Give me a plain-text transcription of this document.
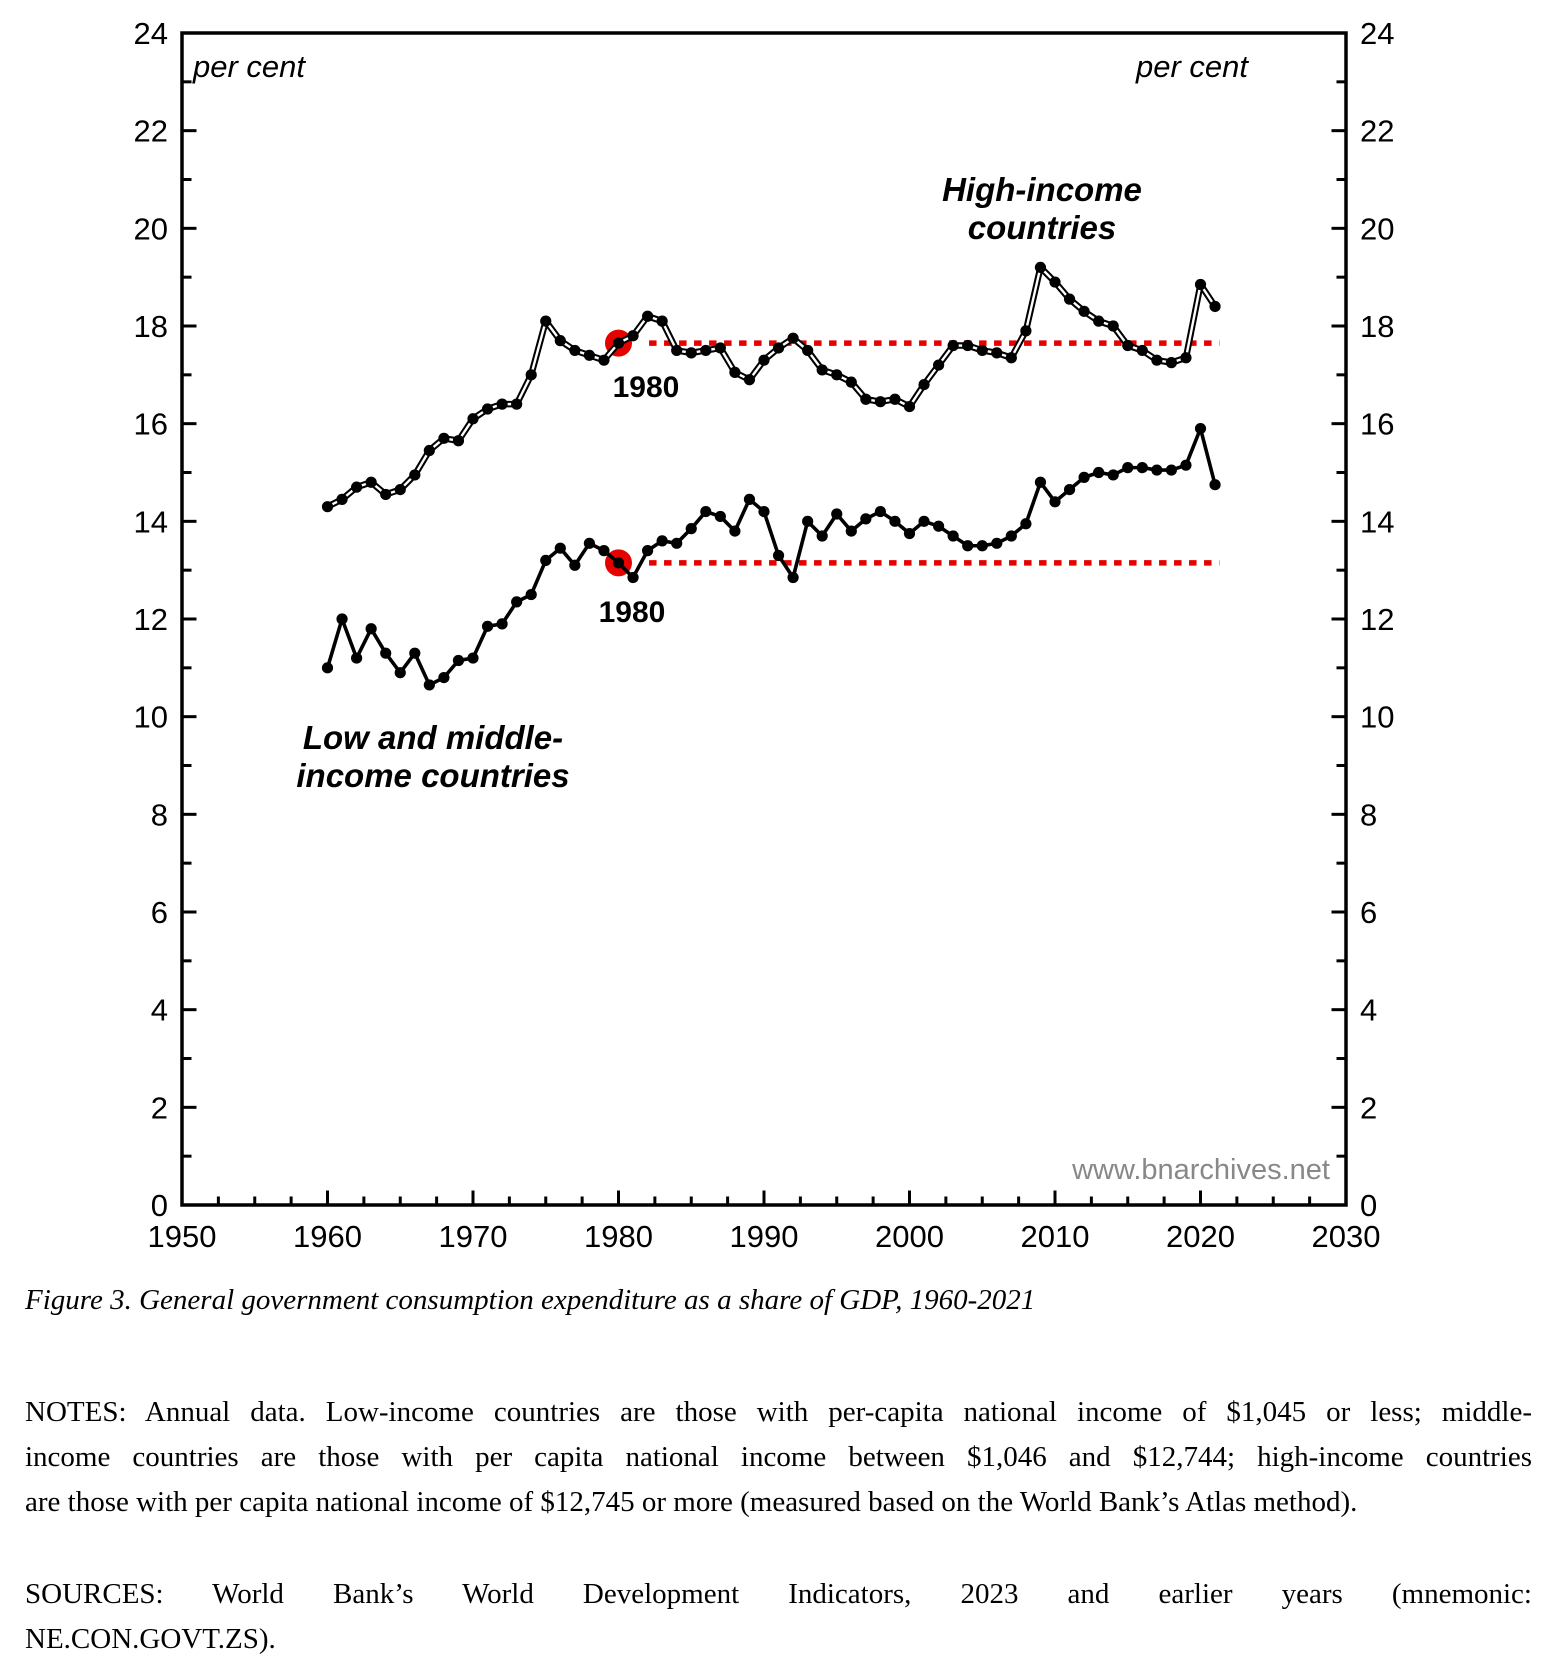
0	0
2	2
4	4
6	6
8	8
10	10
12	12
14	14
16	16
18	18
20	20
22	22
24	24
1950 1960 1970 1980 1990 2000 2010 2020 2030
per cent	per cent
High-income
countries
Low and middle-
income countries
1980
1980
www.bnarchives.net
Figure 3. General government consumption expenditure as a share of GDP, 1960-2021
NOTES: Annual data. Low-income countries are those with per-capita national income of $1,045 or less; middle-
income countries are those with per capita national income between $1,046 and $12,744; high-income countries
are those with per capita national income of $12,745 or more (measured based on the World Bank’s Atlas method).
SOURCES: World Bank’s World Development Indicators, 2023 and earlier years (mnemonic:
NE.CON.GOVT.ZS).
